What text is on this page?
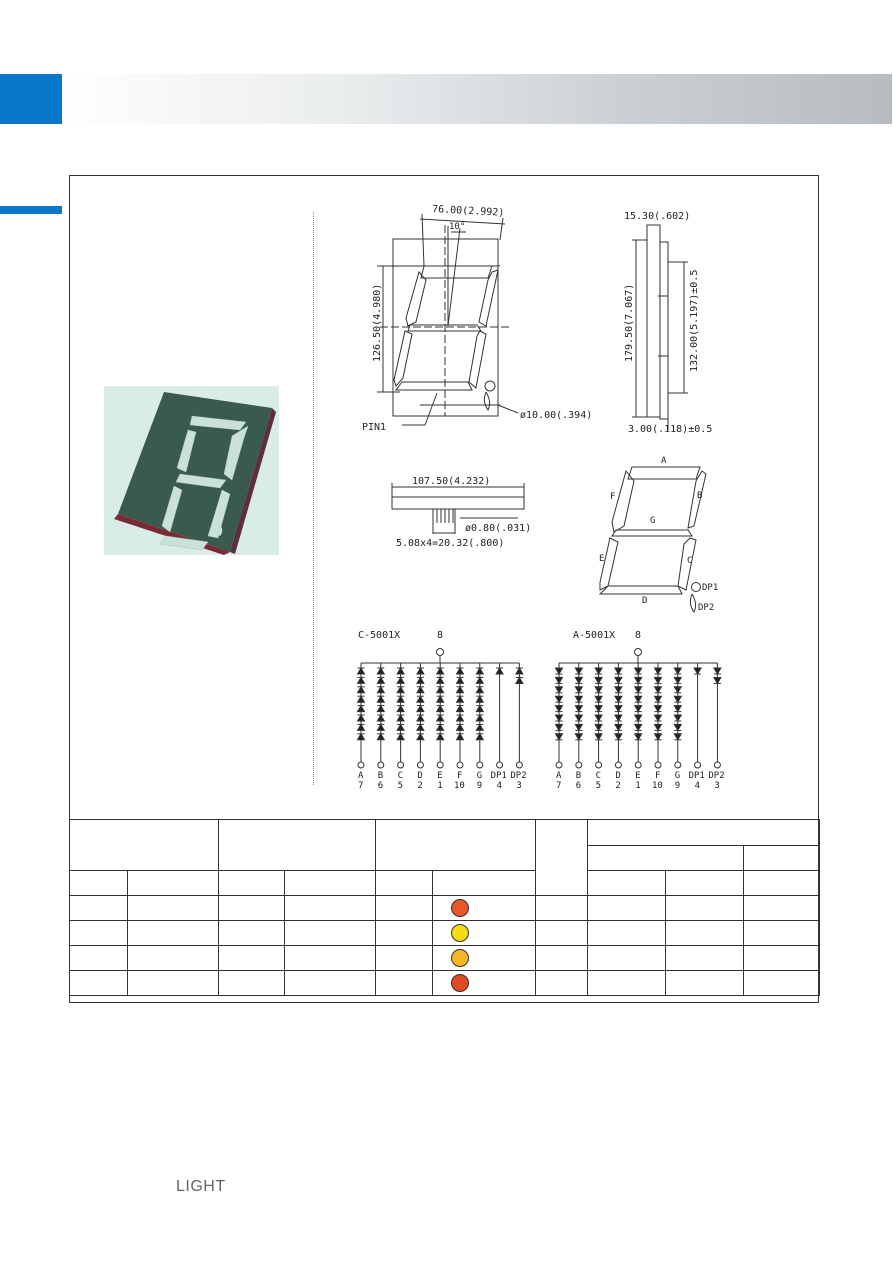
76.00(2.992)
10°
126.50(4.980)
PIN1
ø10.00(.394)
15.30(.602)
179.50(7.067)	132.00(5.197)±0.5
3.00(.118)±0.5
107.50(4.232)
ø0.80(.031)
5.08x4=20.32(.800)
A
B
C
D
E
F
G
DP1
DP2
C-5001X	8	A-5001X 8
A
7
B
6
C
5
D
2
E
1
F
10
G
9
DP1
4
DP2
3
A
7
B
6
C
5
D
2
E
1
F
10
G
9
DP1
4
DP2
3

LIGHT
